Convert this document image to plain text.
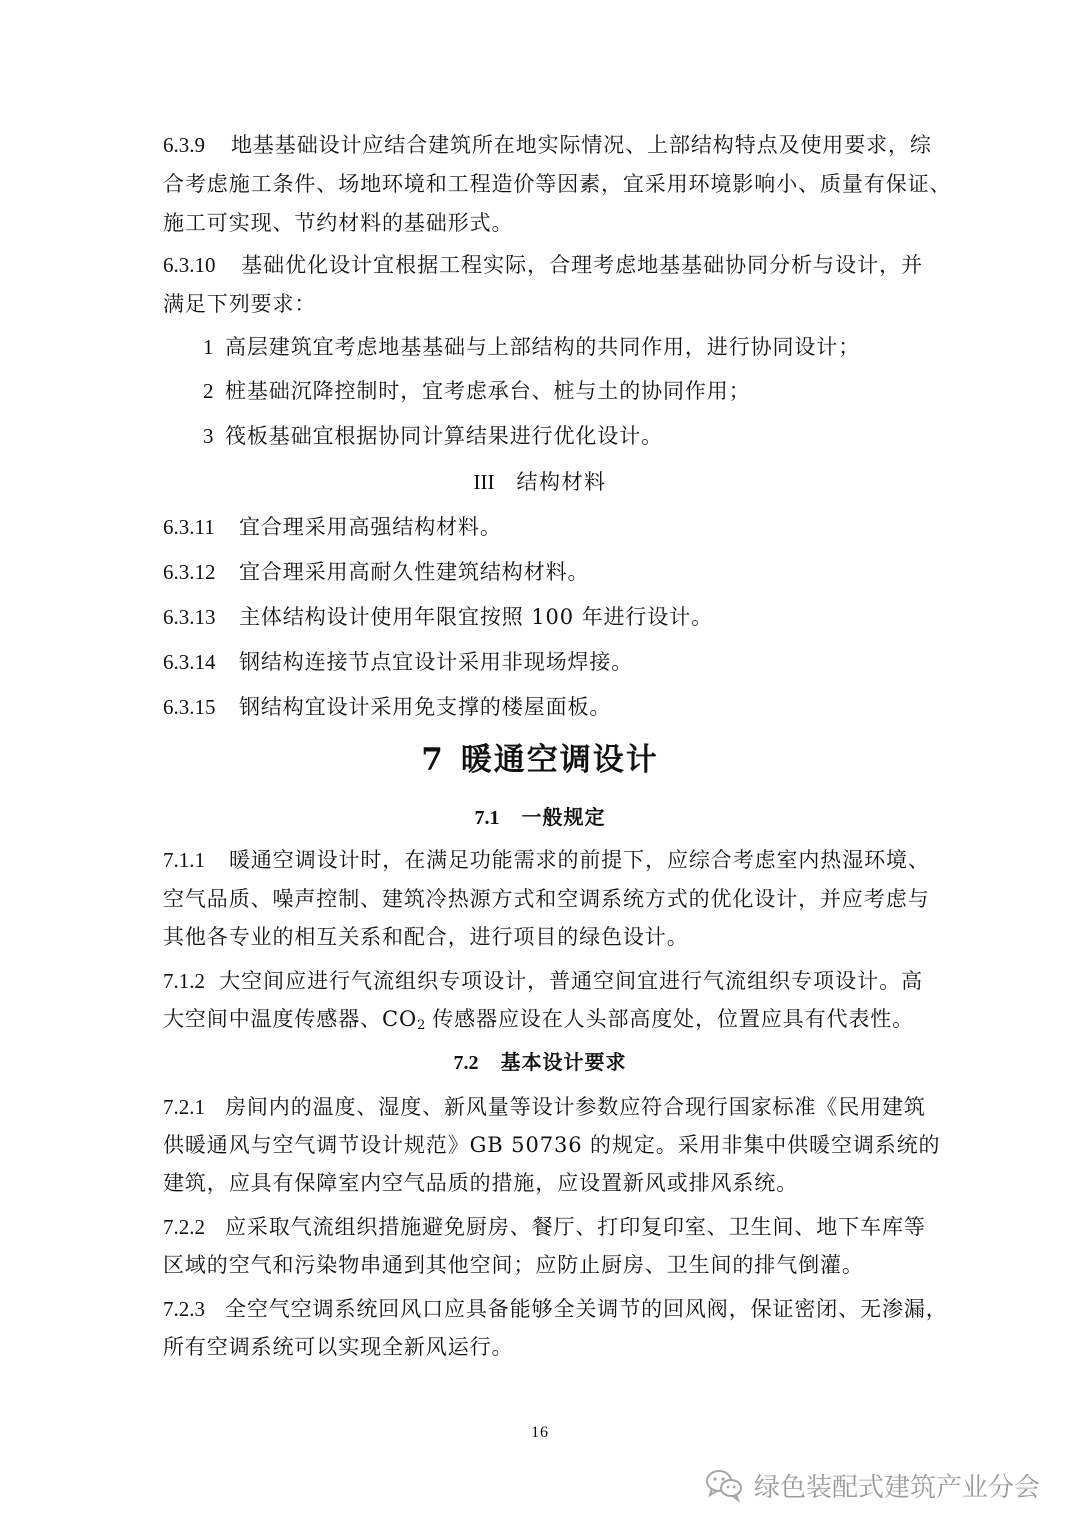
6.3.9 地基基础设计应结合建筑所在地实际情况、上部结构特点及使用要求，综
合考虑施工条件、场地环境和工程造价等因素，宜采用环境影响小、质量有保证、
施工可实现、节约材料的基础形式。
6.3.10 基础优化设计宜根据工程实际，合理考虑地基基础协同分析与设计，并
满足下列要求：
1 高层建筑宜考虑地基基础与上部结构的共同作用，进行协同设计；
2 桩基础沉降控制时，宜考虑承台、桩与土的协同作用；
3 筏板基础宜根据协同计算结果进行优化设计。
III 结构材料
6.3.11 宜合理采用高强结构材料。
6.3.12 宜合理采用高耐久性建筑结构材料。
6.3.13 主体结构设计使用年限宜按照 100 年进行设计。
6.3.14 钢结构连接节点宜设计采用非现场焊接。
6.3.15 钢结构宜设计采用免支撑的楼屋面板。
7 暖通空调设计
7.1 一般规定
7.1.1 暖通空调设计时，在满足功能需求的前提下，应综合考虑室内热湿环境、
空气品质、噪声控制、建筑冷热源方式和空调系统方式的优化设计，并应考虑与
其他各专业的相互关系和配合，进行项目的绿色设计。
7.1.2 大空间应进行气流组织专项设计，普通空间宜进行气流组织专项设计。高
大空间中温度传感器、$CO_2$ 传感器应设在人头部高度处，位置应具有代表性。
7.2 基本设计要求
7.2.1 房间内的温度、湿度、新风量等设计参数应符合现行国家标准《民用建筑
供暖通风与空气调节设计规范》GB 50736 的规定。采用非集中供暖空调系统的
建筑，应具有保障室内空气品质的措施，应设置新风或排风系统。
7.2.2 应采取气流组织措施避免厨房、餐厅、打印复印室、卫生间、地下车库等
区域的空气和污染物串通到其他空间；应防止厨房、卫生间的排气倒灌。
7.2.3 全空气空调系统回风口应具备能够全关调节的回风阀，保证密闭、无渗漏，
所有空调系统可以实现全新风运行。
16
绿色装配式建筑产业分会
